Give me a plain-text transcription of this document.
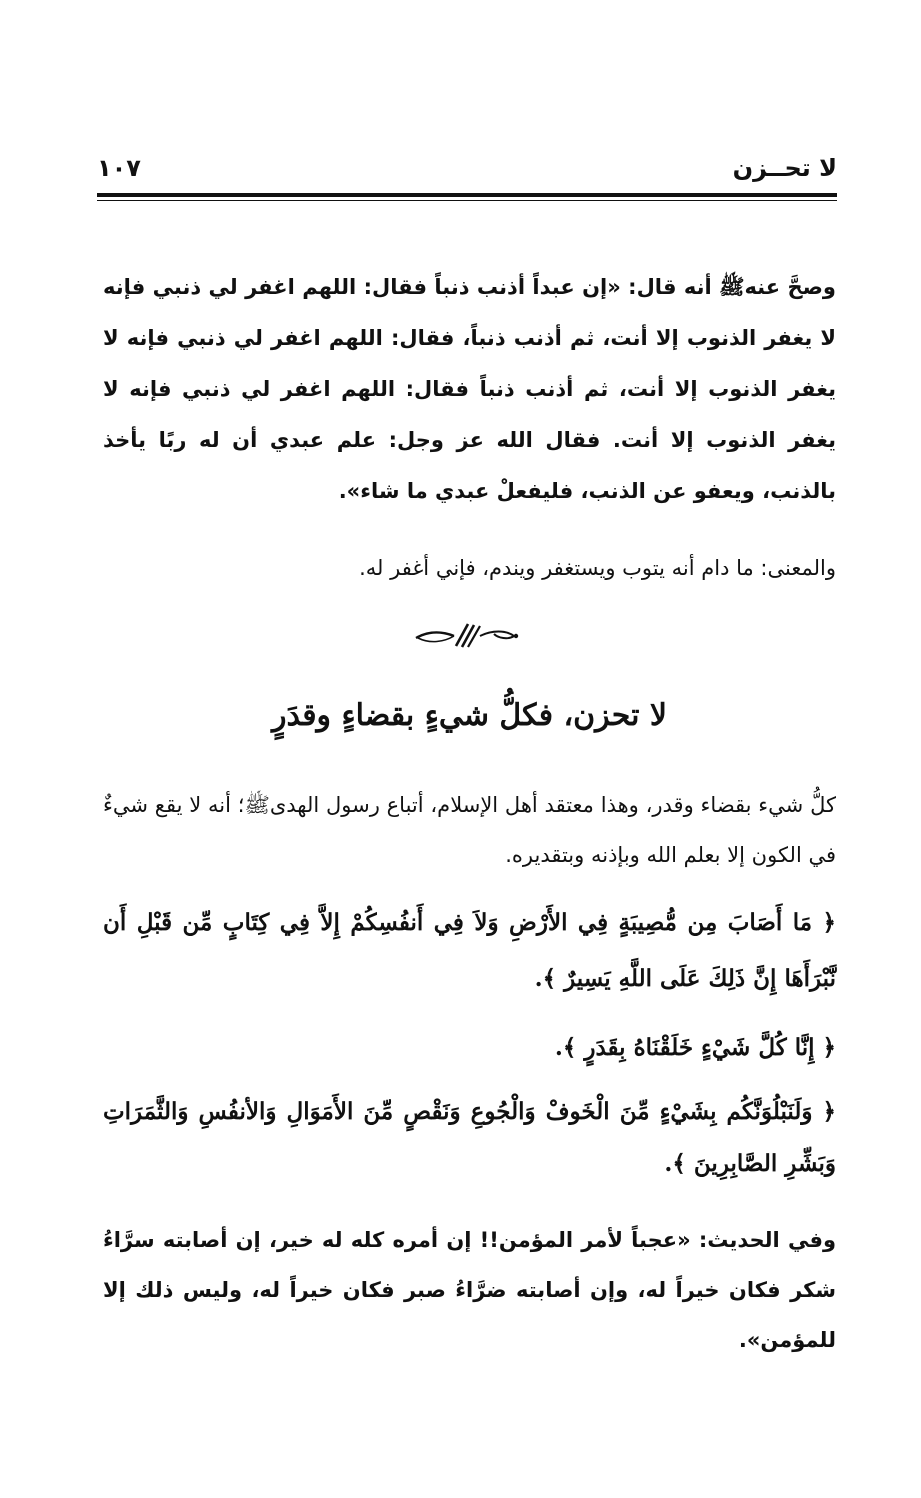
لا تحــزن
١٠٧

وصحَّ عنهﷺ أنه قال: «إن عبداً أذنب ذنباً فقال: اللهم اغفر لي ذنبي فإنه لا يغفر الذنوب إلا أنت، ثم أذنب ذنباً، فقال: اللهم اغفر لي ذنبي فإنه لا يغفر الذنوب إلا أنت، ثم أذنب ذنباً فقال: اللهم اغفر لي ذنبي فإنه لا يغفر الذنوب إلا أنت. فقال الله عز وجل: علم عبدي أن له ربًا يأخذ بالذنب، ويعفو عن الذنب، فليفعلْ عبدي ما شاء».

والمعنى: ما دام أنه يتوب ويستغفر ويندم، فإني أغفر له.

لا تحزن، فكلُّ شيءٍ بقضاءٍ وقدَرٍ

كلُّ شيء بقضاء وقدر، وهذا معتقد أهل الإسلام، أتباع رسول الهدىﷺ؛ أنه لا يقع شيءٌ في الكون إلا بعلم الله وبإذنه وبتقديره.

﴿ مَا أَصَابَ مِن مُّصِيبَةٍ فِي الأَرْضِ وَلاَ فِي أَنفُسِكُمْ إِلاَّ فِي كِتَابٍ مِّن قَبْلِ أَن نَّبْرَأَهَا إِنَّ ذَلِكَ عَلَى اللَّهِ يَسِيرٌ ﴾.

﴿ إِنَّا كُلَّ شَيْءٍ خَلَقْنَاهُ بِقَدَرٍ ﴾.

﴿ وَلَنَبْلُوَنَّكُم بِشَيْءٍ مِّنَ الْخَوفْ وَالْجُوعِ وَنَقْصٍ مِّنَ الأَمَوَالِ وَالأنفُسِ وَالثَّمَرَاتِ وَبَشِّرِ الصَّابِرِينَ ﴾.

وفي الحديث: «عجباً لأمر المؤمن!! إن أمره كله له خير، إن أصابته سرَّاءُ شكر فكان خيراً له، وإن أصابته ضرَّاءُ صبر فكان خيراً له، وليس ذلك إلا للمؤمن».
